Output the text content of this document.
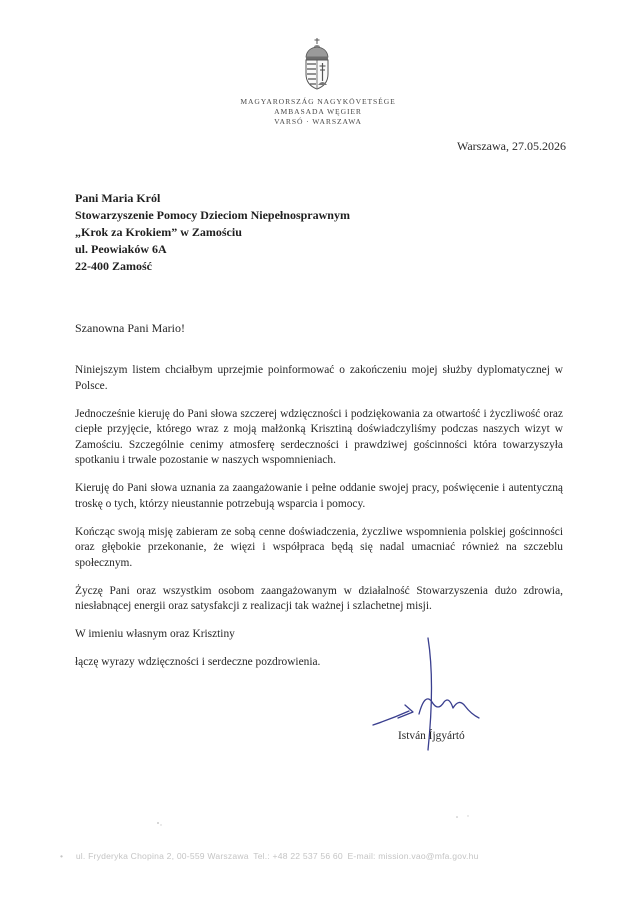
MAGYARORSZÁG NAGYKÖVETSÉGE
AMBASADA WĘGIER
VARSÓ · WARSZAWA
Warszawa, 27.05.2026
Pani Maria Król
Stowarzyszenie Pomocy Dzieciom Niepełnosprawnym
„Krok za Krokiem” w Zamościu
ul. Peowiaków 6A
22-400 Zamość
Szanowna Pani Mario!

Niniejszym listem chciałbym uprzejmie poinformować o zakończeniu mojej służby dyplomatycznej w Polsce.

Jednocześnie kieruję do Pani słowa szczerej wdzięczności i podziękowania za otwartość i życzliwość oraz ciepłe przyjęcie, którego wraz z moją małżonką Krisztiną doświadczyliśmy podczas naszych wizyt w Zamościu. Szczególnie cenimy atmosferę serdeczności i prawdziwej gościnności która towarzyszyła spotkaniu i trwale pozostanie w naszych wspomnieniach.

Kieruję do Pani słowa uznania za zaangażowanie i pełne oddanie swojej pracy, poświęcenie i autentyczną troskę o tych, którzy nieustannie potrzebują wsparcia i pomocy.

Kończąc swoją misję zabieram ze sobą cenne doświadczenia, życzliwe wspomnienia polskiej gościnności oraz głębokie przekonanie, że więzi i współpraca będą się nadal umacniać również na szczeblu społecznym.

Życzę Pani oraz wszystkim osobom zaangażowanym w działalność Stowarzyszenia dużo zdrowia, niesłabnącej energii oraz satysfakcji z realizacji tak ważnej i szlachetnej misji.

W imieniu własnym oraz Krisztiny

łączę wyrazy wdzięczności i serdeczne pozdrowienia.

István Íjgyártó
• ul. Fryderyka Chopina 2, 00-559 Warszawa Tel.: +48 22 537 56 60 E-mail: mission.vao@mfa.gov.hu
